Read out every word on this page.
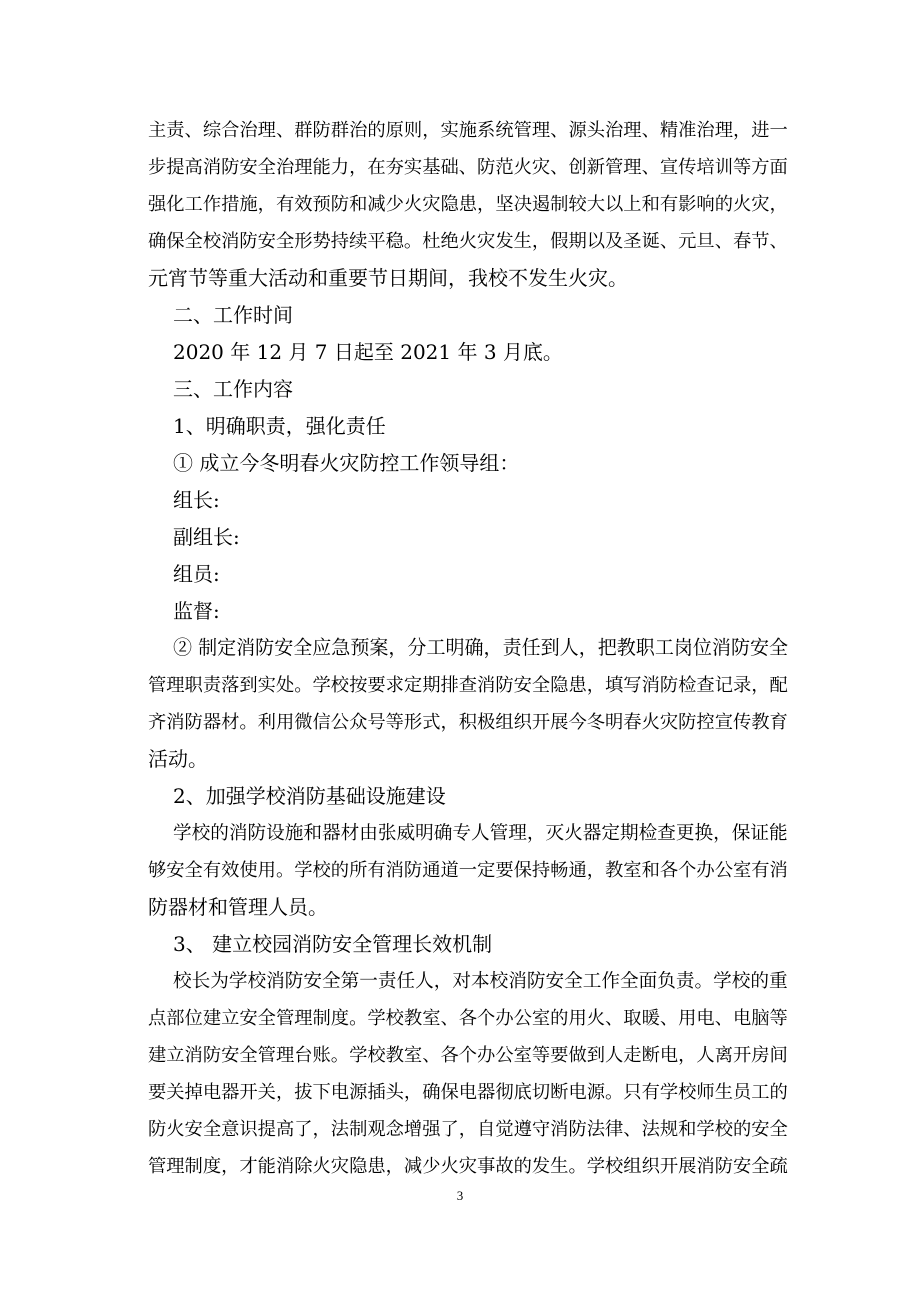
主责、综合治理、群防群治的原则，实施系统管理、源头治理、精准治理，进一
步提高消防安全治理能力，在夯实基础、防范火灾、创新管理、宣传培训等方面
强化工作措施，有效预防和减少火灾隐患，坚决遏制较大以上和有影响的火灾，
确保全校消防安全形势持续平稳。杜绝火灾发生，假期以及圣诞、元旦、春节、
元宵节等重大活动和重要节日期间，我校不发生火灾。
二、工作时间
2020 年 12 月 7 日起至 2021 年 3 月底。
三、工作内容
1、明确职责，强化责任
① 成立今冬明春火灾防控工作领导组：
组长:
副组长:
组员:
监督:
② 制定消防安全应急预案，分工明确，责任到人，把教职工岗位消防安全
管理职责落到实处。学校按要求定期排查消防安全隐患，填写消防检查记录，配
齐消防器材。利用微信公众号等形式，积极组织开展今冬明春火灾防控宣传教育
活动。
2、加强学校消防基础设施建设
学校的消防设施和器材由张威明确专人管理，灭火器定期检查更换，保证能
够安全有效使用。学校的所有消防通道一定要保持畅通，教室和各个办公室有消
防器材和管理人员。
3、 建立校园消防安全管理长效机制
校长为学校消防安全第一责任人，对本校消防安全工作全面负责。学校的重
点部位建立安全管理制度。学校教室、各个办公室的用火、取暖、用电、电脑等
建立消防安全管理台账。学校教室、各个办公室等要做到人走断电，人离开房间
要关掉电器开关，拔下电源插头，确保电器彻底切断电源。只有学校师生员工的
防火安全意识提高了，法制观念增强了，自觉遵守消防法律、法规和学校的安全
管理制度，才能消除火灾隐患，减少火灾事故的发生。学校组织开展消防安全疏
3
